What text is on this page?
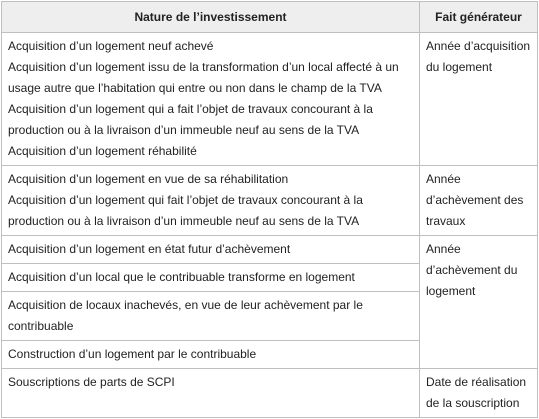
Nature de l’investissement	Fait générateur

Acquisition d’un logement neuf achevé
Acquisition d’un logement issu de la transformation d’un local affecté à un usage autre que l’habitation qui entre ou non dans le champ de la TVA
Acquisition d’un logement qui a fait l’objet de travaux concourant à la production ou à la livraison d’un immeuble neuf au sens de la TVA
Acquisition d’un logement réhabilité	Année d’acquisition du logement

Acquisition d’un logement en vue de sa réhabilitation
Acquisition d’un logement qui fait l’objet de travaux concourant à la production ou à la livraison d’un immeuble neuf au sens de la TVA	Année d’achèvement des travaux
Acquisition d’un logement en état futur d’achèvement	Année d’achèvement du logement
Acquisition d’un local que le contribuable transforme en logement	
Acquisition de locaux inachevés, en vue de leur achèvement par le contribuable	
Construction d’un logement par le contribuable	
Souscriptions de parts de SCPI	Date de réalisation de la souscription
